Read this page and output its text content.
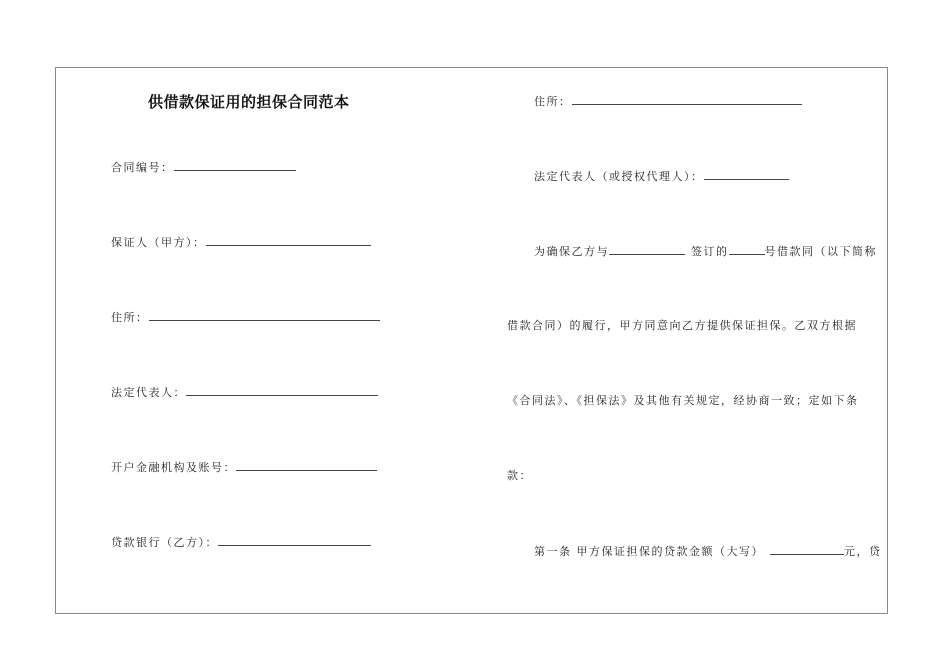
供借款保证用的担保合同范本
合同编号：
保证人（甲方）：
住所：
法定代表人：
开户金融机构及账号：
贷款银行（乙方）：
住所：
法定代表人（或授权代理人）：
为确保乙方与	签订的	号借款同（以下简称
借款合同）的履行，甲方同意向乙方提供保证担保。乙双方根据
《合同法》、《担保法》及其他有关规定，经协商一致；定如下条
款：
第一条 甲方保证担保的贷款金额（大写）	元，贷
